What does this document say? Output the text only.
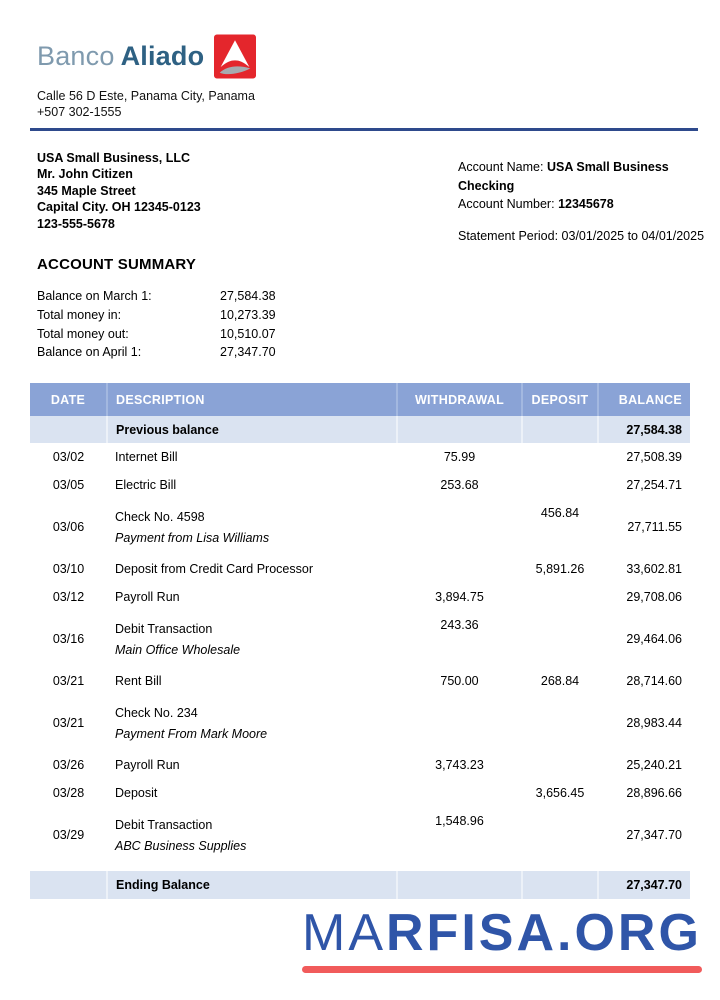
Banco Aliado
Calle 56 D Este, Panama City, Panama
+507 302-1555
USA Small Business, LLC
Mr. John Citizen
345 Maple Street
Capital City. OH 12345-0123
123-555-5678
Account Name: USA Small Business Checking
Account Number: 12345678
Statement Period: 03/01/2025 to 04/01/2025
ACCOUNT SUMMARY
Balance on March 1:	27,584.38
Total money in:	10,273.39
Total money out:	10,510.07
Balance on April 1:	27,347.70
DATE	DESCRIPTION	WITHDRAWAL	DEPOSIT	BALANCE
	Previous balance			27,584.38
03/02	Internet Bill	75.99		27,508.39
03/05	Electric Bill	253.68		27,254.71
03/06	Check No. 4598
Payment from Lisa Williams		456.84	27,711.55
03/10	Deposit from Credit Card Processor		5,891.26	33,602.81
03/12	Payroll Run	3,894.75		29,708.06
03/16	Debit Transaction
Main Office Wholesale	243.36		29,464.06
03/21	Rent Bill	750.00	268.84	28,714.60
03/21	Check No. 234
Payment From Mark Moore			28,983.44
03/26	Payroll Run	3,743.23		25,240.21
03/28	Deposit		3,656.45	28,896.66
03/29	Debit Transaction
ABC Business Supplies	1,548.96		27,347.70
	Ending Balance			27,347.70
MARFISA.ORG
